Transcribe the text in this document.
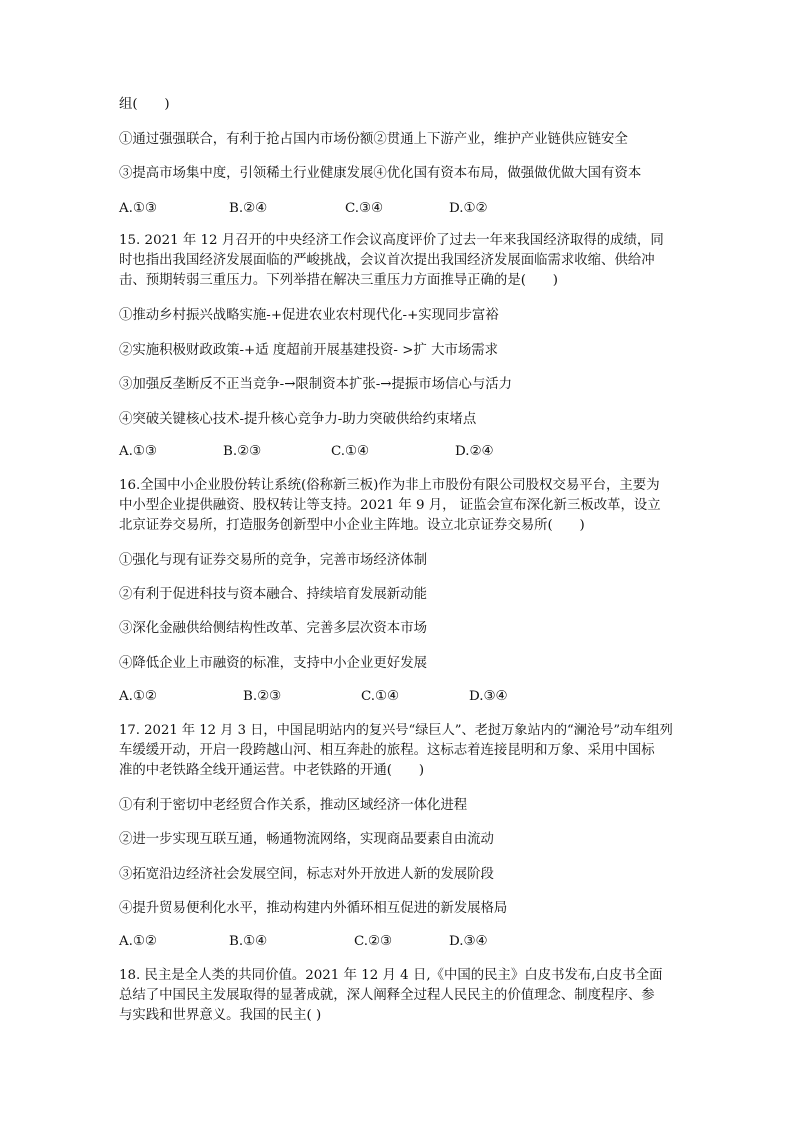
组(　　)
①通过强强联合，有利于抢占国内市场份额②贯通上下游产业，维护产业链供应链安全
③提高市场集中度，引领稀土行业健康发展④优化国有资本布局，做强做优做大国有资本
A.①③	B.②④	C.③④	D.①②
15. 2021 年 12 月召开的中央经济工作会议高度评价了过去一年来我国经济取得的成绩，同
时也指出我国经济发展面临的严峻挑战，会议首次提出我国经济发展面临需求收缩、供给冲
击、预期转弱三重压力。下列举措在解决三重压力方面推导正确的是(　　)
①推动乡村振兴战略实施-+促进农业农村现代化-+实现同步富裕
②实施积极财政政策-+适 度超前开展基建投资- >扩 大市场需求
③加强反垄断反不正当竞争-→限制资本扩张-→提振市场信心与活力
④突破关键核心技术-提升核心竞争力-助力突破供给约束堵点
A.①③	B.②③	C.①④	D.②④
16.全国中小企业股份转让系统(俗称新三板)作为非上市股份有限公司股权交易平台，主要为
中小型企业提供融资、股权转让等支持。2021 年 9 月， 证监会宣布深化新三板改革，设立
北京证券交易所，打造服务创新型中小企业主阵地。设立北京证券交易所(　　)
①强化与现有证券交易所的竞争，完善市场经济体制
②有利于促进科技与资本融合、持续培育发展新动能
③深化金融供给侧结构性改革、完善多层次资本市场
④降低企业上市融资的标准，支持中小企业更好发展
A.①②	B.②③	C.①④	D.③④
17. 2021 年 12 月 3 日，中国昆明站内的复兴号“绿巨人”、老挝万象站内的“澜沧号”动车组列
车缓缓开动，开启一段跨越山河、相互奔赴的旅程。这标志着连接昆明和万象、采用中国标
准的中老铁路全线开通运营。中老铁路的开通(　　)
①有利于密切中老经贸合作关系，推动区域经济一体化进程
②进一步实现互联互通，畅通物流网络，实现商品要素自由流动
③拓宽沿边经济社会发展空间，标志对外开放进人新的发展阶段
④提升贸易便利化水平，推动构建内外循环相互促进的新发展格局
A.①②	B.①④	C.②③	D.③④
18. 民主是全人类的共同价值。2021 年 12 月 4 日,《中国的民主》白皮书发布,白皮书全面
总结了中国民主发展取得的显著成就，深人阐释全过程人民民主的价值理念、制度程序、参
与实践和世界意义。我国的民主( )
